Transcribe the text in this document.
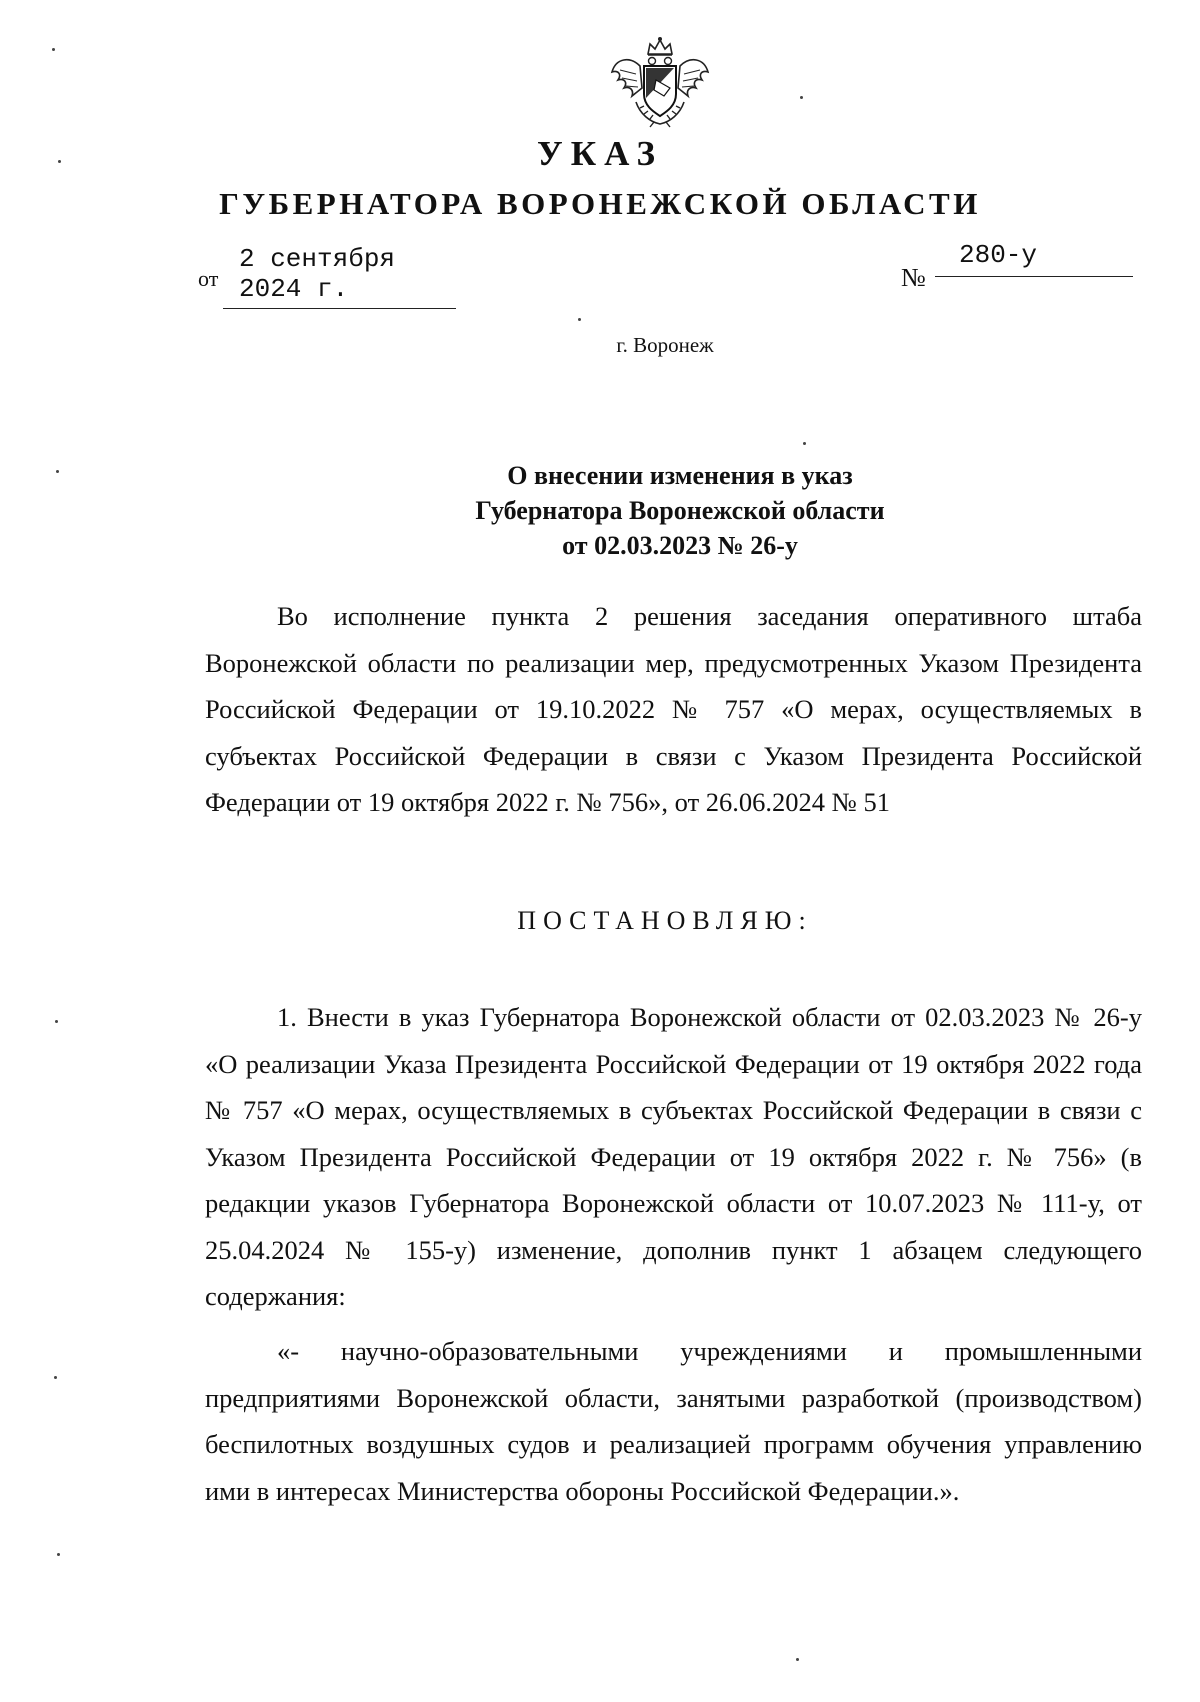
УКАЗ
ГУБЕРНАТОРА ВОРОНЕЖСКОЙ ОБЛАСТИ
от
2 сентября 2024 г.	№
280-у
г. Воронеж
О внесении изменения в указ
Губернатора Воронежской области
от 02.03.2023 № 26-у

Во исполнение пункта 2 решения заседания оперативного штаба Воронежской области по реализации мер, предусмотренных Указом Президента Российской Федерации от 19.10.2022 № 757 «О мерах, осуществляемых в субъектах Российской Федерации в связи с Указом Президента Российской Федерации от 19 октября 2022 г. № 756», от 26.06.2024 № 51

ПОСТАНОВЛЯЮ:

1. Внести в указ Губернатора Воронежской области от 02.03.2023 № 26-у «О реализации Указа Президента Российской Федерации от 19 октября 2022 года № 757 «О мерах, осуществляемых в субъектах Российской Федерации в связи с Указом Президента Российской Федерации от 19 октября 2022 г. № 756» (в редакции указов Губернатора Воронежской области от 10.07.2023 № 111-у, от 25.04.2024 № 155-у) изменение, дополнив пункт 1 абзацем следующего содержания:

«- научно-образовательными учреждениями и промышленными предприятиями Воронежской области, занятыми разработкой (производством) беспилотных воздушных судов и реализацией программ обучения управлению ими в интересах Министерства обороны Российской Федерации.».
